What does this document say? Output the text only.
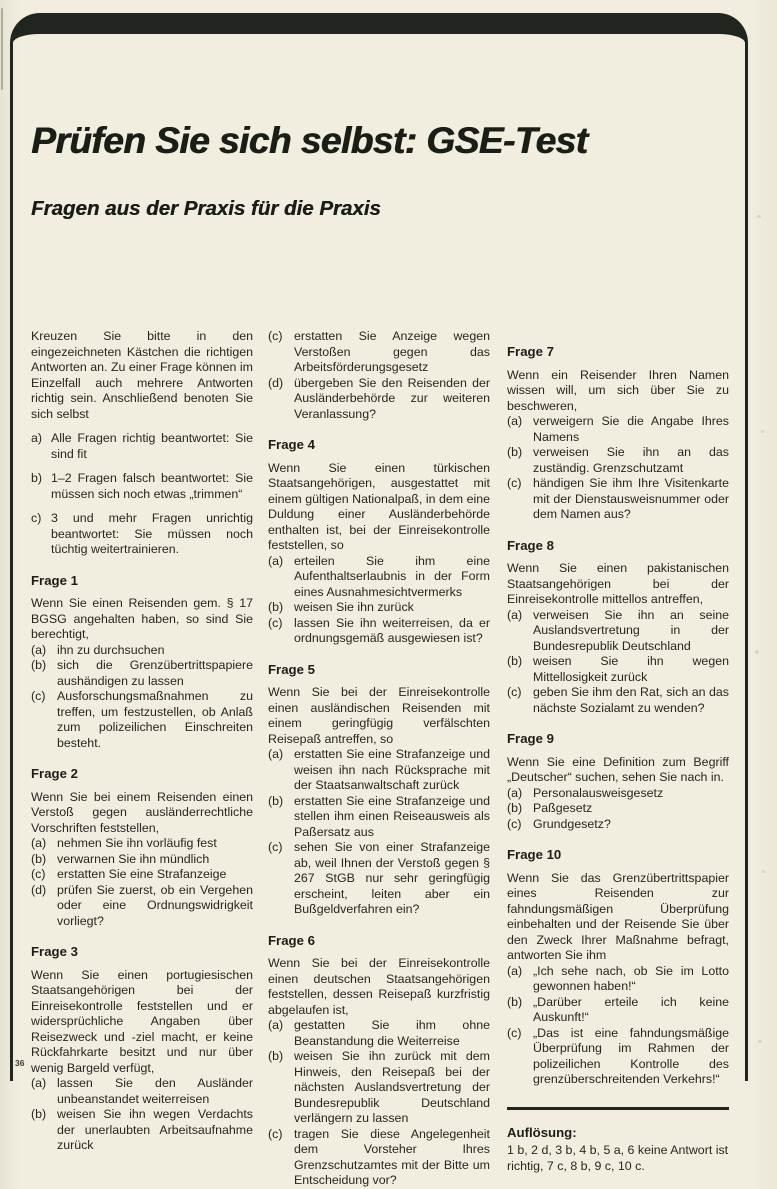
Prüfen Sie sich selbst: GSE-Test
Fragen aus der Praxis für die Praxis

Kreuzen Sie bitte in den eingezeichneten Kästchen die richtigen Antworten an. Zu einer Frage können im Einzelfall auch mehrere Antworten richtig sein. Anschließend benoten Sie sich selbst

a) Alle Fragen richtig beantwortet: Sie sind fit
b) 1–2 Fragen falsch beantwortet: Sie müssen sich noch etwas „trimmen“
c) 3 und mehr Fragen unrichtig beantwortet: Sie müssen noch tüchtig weitertrainieren.
Frage 1

Wenn Sie einen Reisenden gem. § 17 BGSG angehalten haben, so sind Sie berechtigt,

(a) ihn zu durchsuchen
(b) sich die Grenzübertrittspapiere aushändigen zu lassen
(c) Ausforschungsmaßnahmen zu treffen, um festzustellen, ob Anlaß zum polizeilichen Einschreiten besteht.
Frage 2

Wenn Sie bei einem Reisenden einen Verstoß gegen ausländerrechtliche Vorschriften feststellen,

(a) nehmen Sie ihn vorläufig fest
(b) verwarnen Sie ihn mündlich
(c) erstatten Sie eine Strafanzeige
(d) prüfen Sie zuerst, ob ein Vergehen oder eine Ordnungswidrigkeit vorliegt?
Frage 3

Wenn Sie einen portugiesischen Staatsangehörigen bei der Einreisekontrolle feststellen und er widersprüchliche Angaben über Reisezweck und -ziel macht, er keine Rückfahrkarte besitzt und nur über wenig Bargeld verfügt,

(a) lassen Sie den Ausländer unbeanstandet weiterreisen
(b) weisen Sie ihn wegen Verdachts der unerlaubten Arbeitsaufnahme zurück
(c) erstatten Sie Anzeige wegen Verstoßen gegen das Arbeitsförderungsgesetz
(d) übergeben Sie den Reisenden der Ausländerbehörde zur weiteren Veranlassung?
Frage 4

Wenn Sie einen türkischen Staatsangehörigen, ausgestattet mit einem gültigen Nationalpaß, in dem eine Duldung einer Ausländerbehörde enthalten ist, bei der Einreisekontrolle feststellen, so

(a) erteilen Sie ihm eine Aufenthaltserlaubnis in der Form eines Ausnahmesichtvermerks
(b) weisen Sie ihn zurück
(c) lassen Sie ihn weiterreisen, da er ordnungsgemäß ausgewiesen ist?
Frage 5

Wenn Sie bei der Einreisekontrolle einen ausländischen Reisenden mit einem geringfügig verfälschten Reisepaß antreffen, so

(a) erstatten Sie eine Strafanzeige und weisen ihn nach Rücksprache mit der Staatsanwaltschaft zurück
(b) erstatten Sie eine Strafanzeige und stellen ihm einen Reiseausweis als Paßersatz aus
(c) sehen Sie von einer Strafanzeige ab, weil Ihnen der Verstoß gegen § 267 StGB nur sehr geringfügig erscheint, leiten aber ein Bußgeldverfahren ein?
Frage 6

Wenn Sie bei der Einreisekontrolle einen deutschen Staatsangehörigen feststellen, dessen Reisepaß kurzfristig abgelaufen ist,

(a) gestatten Sie ihm ohne Beanstandung die Weiterreise
(b) weisen Sie ihn zurück mit dem Hinweis, den Reisepaß bei der nächsten Auslandsvertretung der Bundesrepublik Deutschland verlängern zu lassen
(c) tragen Sie diese Angelegenheit dem Vorsteher Ihres Grenzschutzamtes mit der Bitte um Entscheidung vor?
Frage 7

Wenn ein Reisender Ihren Namen wissen will, um sich über Sie zu beschweren,

(a) verweigern Sie die Angabe Ihres Namens
(b) verweisen Sie ihn an das zuständig. Grenzschutzamt
(c) händigen Sie ihm Ihre Visitenkarte mit der Dienstausweisnummer oder dem Namen aus?
Frage 8

Wenn Sie einen pakistanischen Staatsangehörigen bei der Einreisekontrolle mittellos antreffen,

(a) verweisen Sie ihn an seine Auslandsvertretung in der Bundesrepublik Deutschland
(b) weisen Sie ihn wegen Mittellosigkeit zurück
(c) geben Sie ihm den Rat, sich an das nächste Sozialamt zu wenden?
Frage 9

Wenn Sie eine Definition zum Begriff „Deutscher“ suchen, sehen Sie nach in.

(a) Personalausweisgesetz
(b) Paßgesetz
(c) Grundgesetz?
Frage 10

Wenn Sie das Grenzübertrittspapier eines Reisenden zur fahndungsmäßigen Überprüfung einbehalten und der Reisende Sie über den Zweck Ihrer Maßnahme befragt, antworten Sie ihm

(a) „Ich sehe nach, ob Sie im Lotto gewonnen haben!“
(b) „Darüber erteile ich keine Auskunft!“
(c) „Das ist eine fahndungsmäßige Überprüfung im Rahmen der polizeilichen Kontrolle des grenzüberschreitenden Verkehrs!“
Auflösung:

1 b, 2 d, 3 b, 4 b, 5 a, 6 keine Antwort ist richtig, 7 c, 8 b, 9 c, 10 c.

36
